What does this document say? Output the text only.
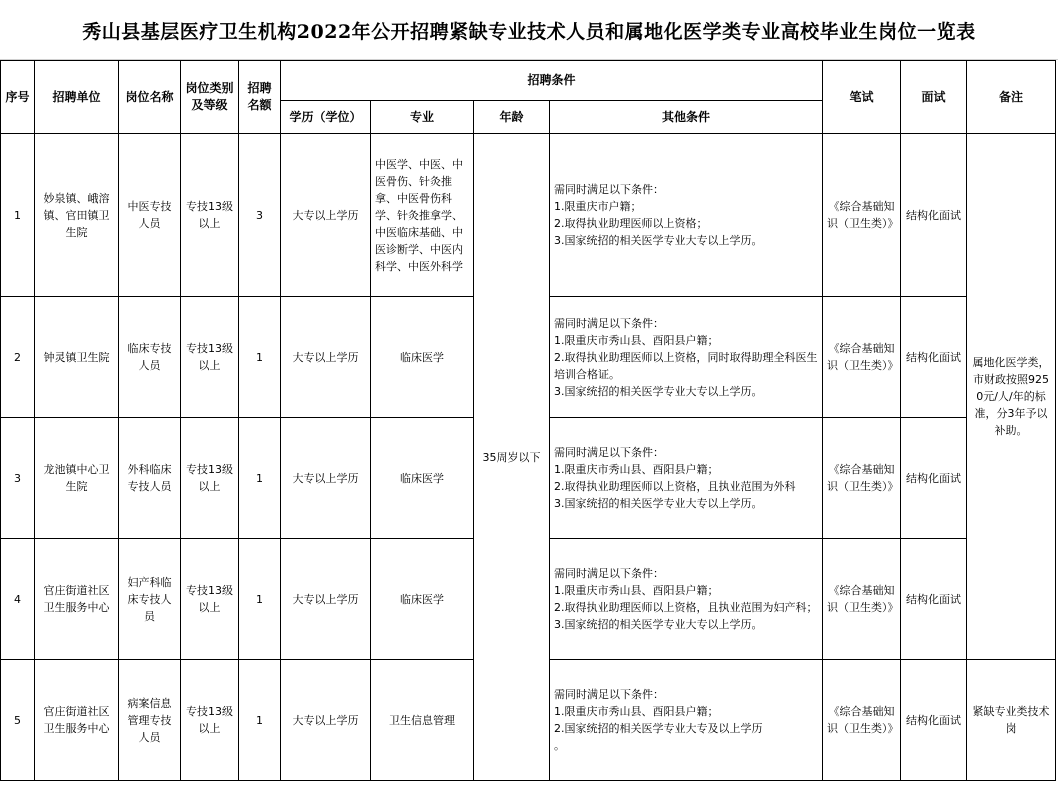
秀山县基层医疗卫生机构2022年公开招聘紧缺专业技术人员和属地化医学类专业高校毕业生岗位一览表
序号	招聘单位	岗位名称	岗位类别及等级	招聘名额	招聘条件				笔试	面试	备注
					学历（学位）	专业	年龄	其他条件			
1	妙泉镇、峨溶镇、官田镇卫生院	中医专技人员	专技13级以上	3	大专以上学历	中医学、中医、中医骨伤、针灸推拿、中医骨伤科学、针灸推拿学、中医临床基础、中医诊断学、中医内科学、中医外科学	35周岁以下	需同时满足以下条件：
1.限重庆市户籍；
2.取得执业助理医师以上资格；
3.国家统招的相关医学专业大专以上学历。	《综合基础知识（卫生类）》	结构化面试	属地化医学类，市财政按照9250元/人/年的标准，分3年予以补助。
2	钟灵镇卫生院	临床专技人员	专技13级以上	1	大专以上学历	临床医学		需同时满足以下条件：
1.限重庆市秀山县、酉阳县户籍；
2.取得执业助理医师以上资格，同时取得助理全科医生培训合格证。
3.国家统招的相关医学专业大专以上学历。	《综合基础知识（卫生类）》	结构化面试	
3	龙池镇中心卫生院	外科临床专技人员	专技13级以上	1	大专以上学历	临床医学		需同时满足以下条件：
1.限重庆市秀山县、酉阳县户籍；
2.取得执业助理医师以上资格，且执业范围为外科
3.国家统招的相关医学专业大专以上学历。	《综合基础知识（卫生类）》	结构化面试	
4	官庄街道社区卫生服务中心	妇产科临床专技人员	专技13级以上	1	大专以上学历	临床医学		需同时满足以下条件：
1.限重庆市秀山县、酉阳县户籍；
2.取得执业助理医师以上资格，且执业范围为妇产科；
3.国家统招的相关医学专业大专以上学历。	《综合基础知识（卫生类）》	结构化面试	
5	官庄街道社区卫生服务中心	病案信息管理专技人员	专技13级以上	1	大专以上学历	卫生信息管理		需同时满足以下条件：
1.限重庆市秀山县、酉阳县户籍；
2.国家统招的相关医学专业大专及以上学历
。	《综合基础知识（卫生类）》	结构化面试	紧缺专业类技术岗
